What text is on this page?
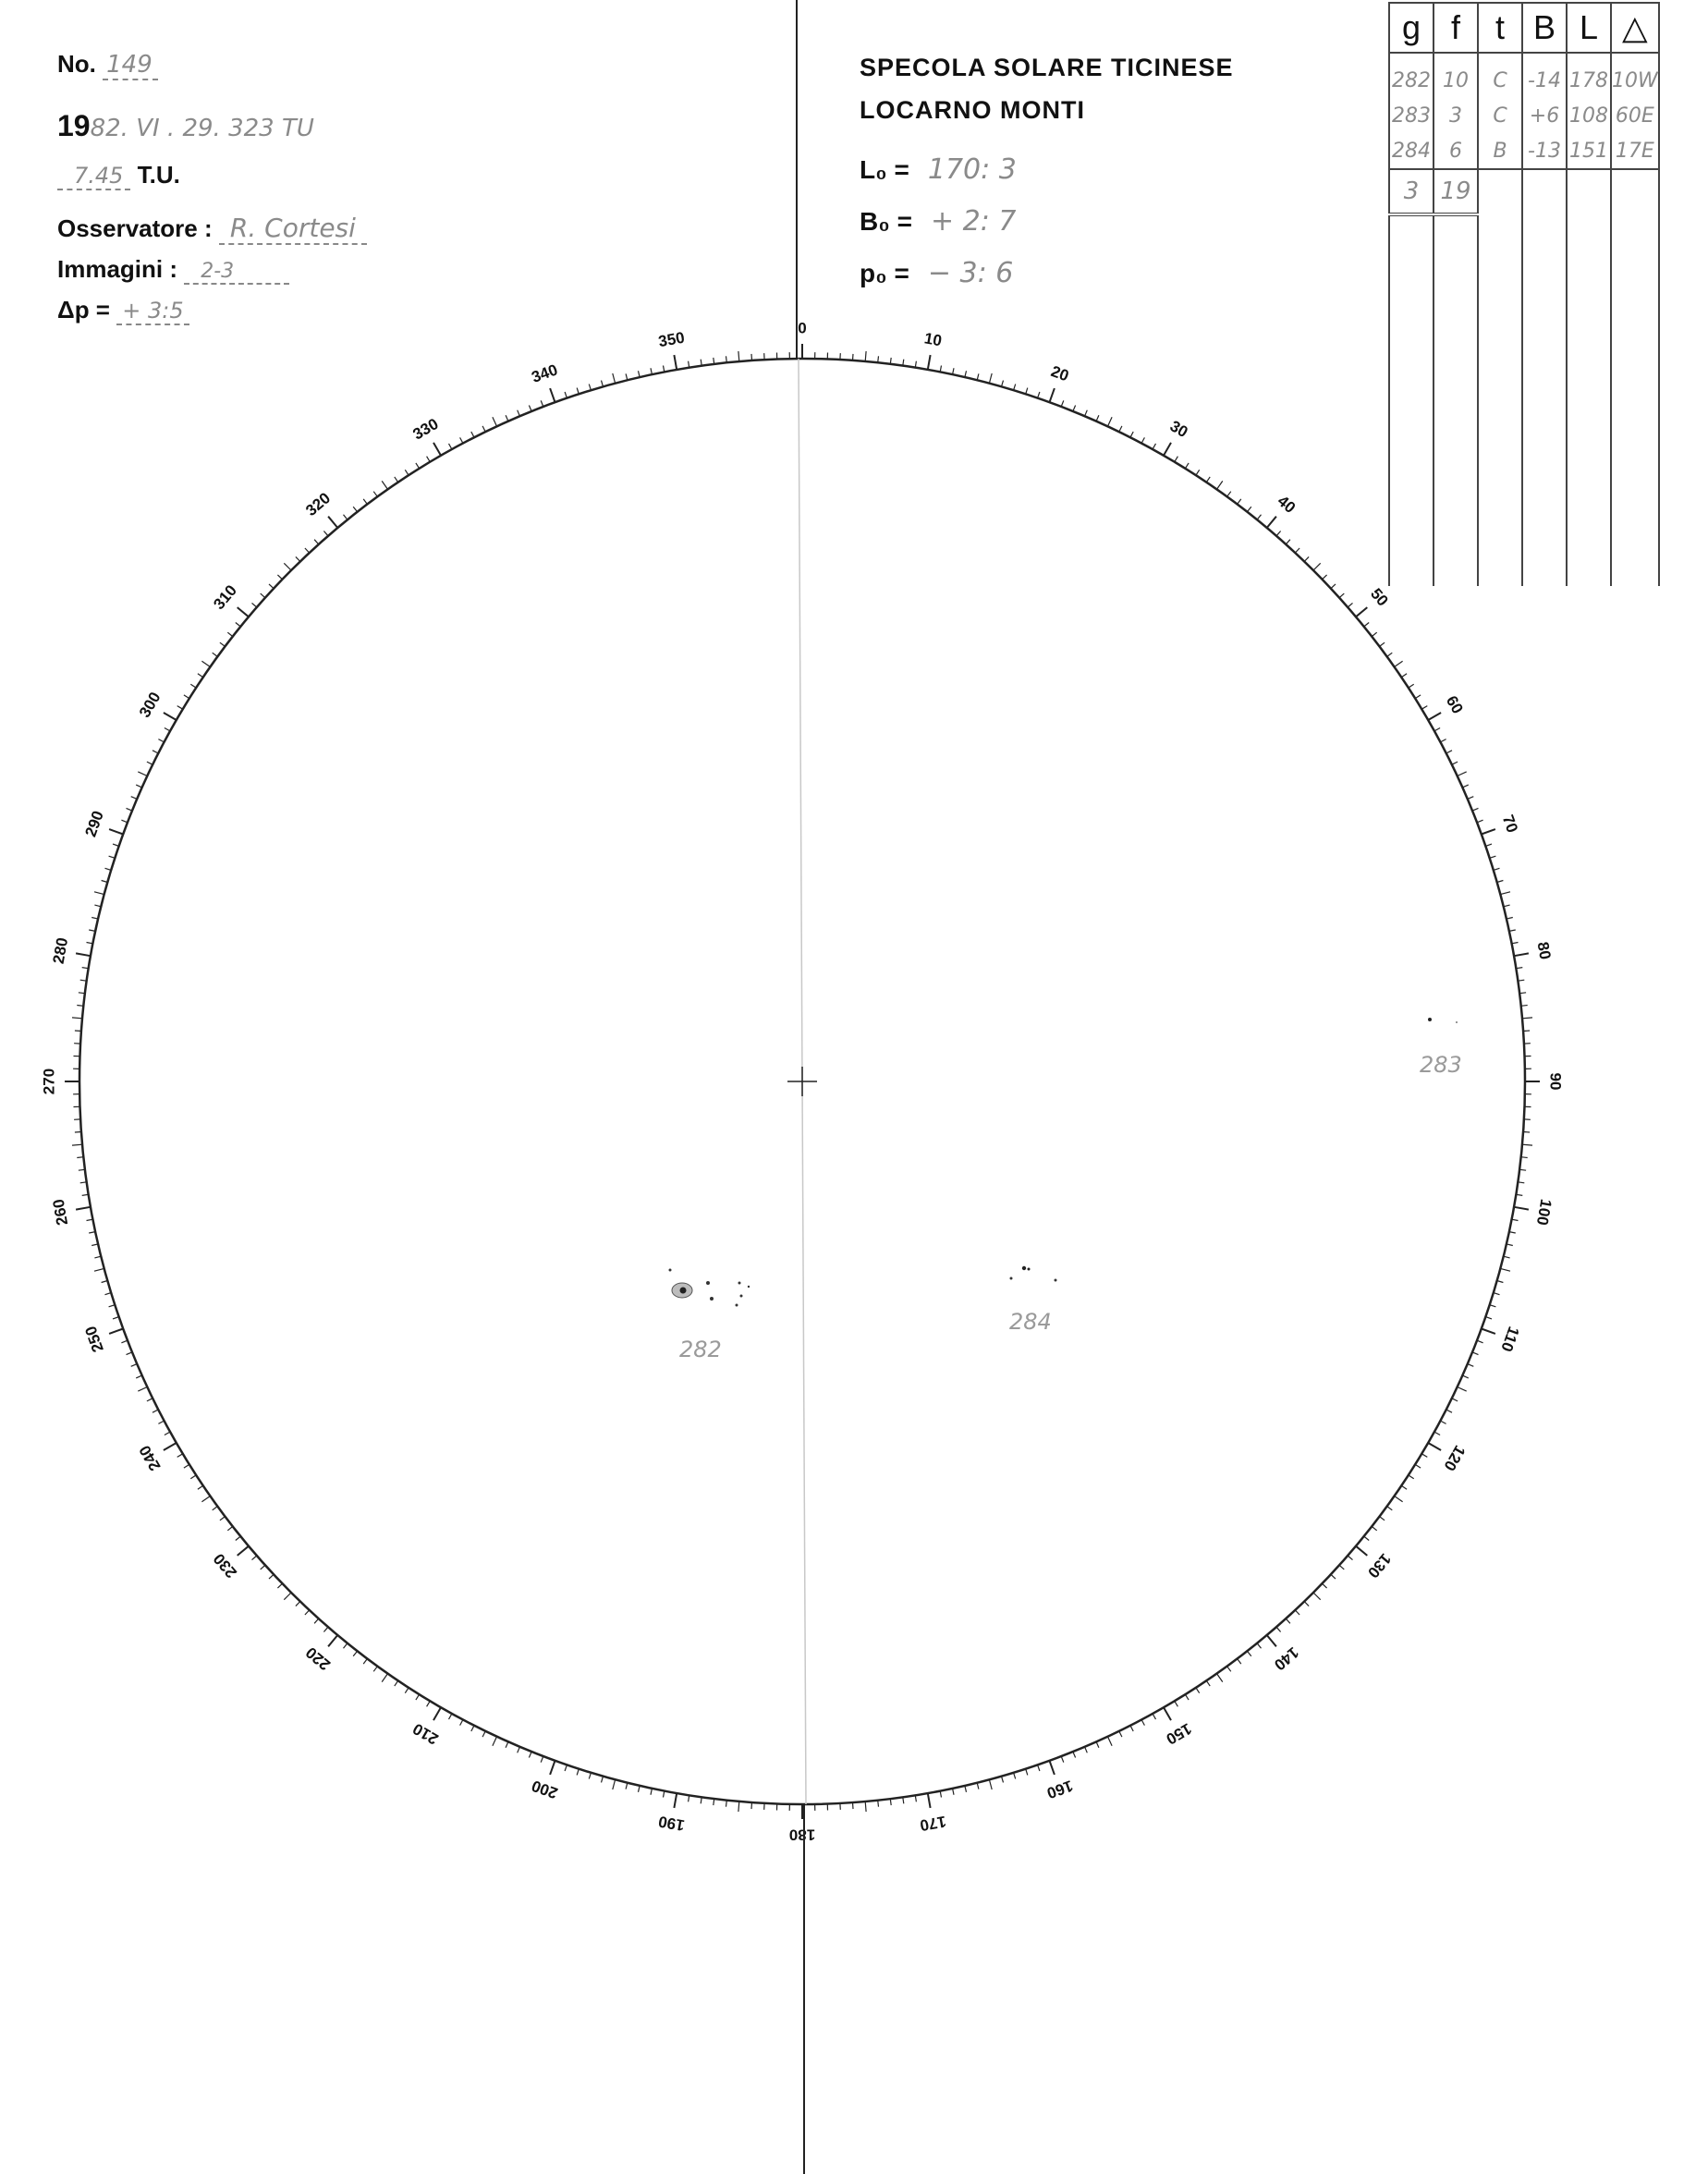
0
10
20
30
40
50
60
70
80
90
100
110
120
130
140
150
160
170
180
190
200
210
220
230
240
250
260
270
280
290
300
310
320
330
340
350
282
283
284
No. 149
1982. VI . 29. 323 TU
7.45 T.U.
Osservatore : R. Cortesi
Immagini : 2-3
Δp = + 3:5
SPECOLA SOLARE TICINESE
LOCARNO MONTI
L₀ = 170: 3
B₀ = + 2: 7
p₀ = − 3: 6
g	f	t	B	L	△
282	10	C	-14	178	10W
283	3	C	+6	108	60E
284	6	B	-13	151	17E
3	19				
